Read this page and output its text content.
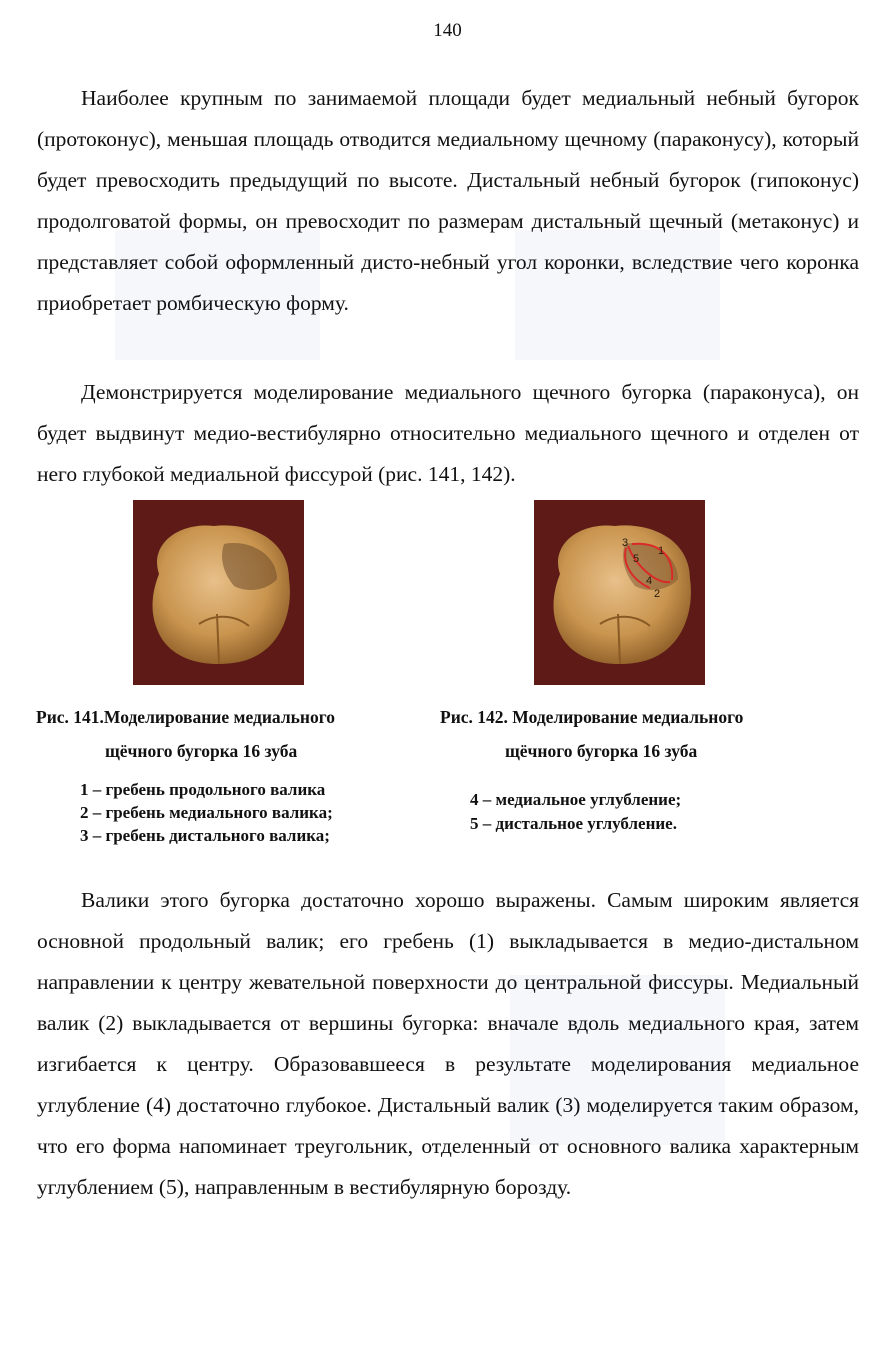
140

Наиболее крупным по занимаемой площади будет медиальный небный бугорок (протоконус), меньшая площадь отводится медиальному щечному (параконусу), который будет превосходить предыдущий по высоте. Дистальный небный бугорок (гипоконус) продолговатой формы, он превосходит по размерам дистальный щечный (метаконус) и представляет собой оформленный дисто-небный угол коронки, вследствие чего коронка приобретает ромбическую форму.

Демонстрируется моделирование медиального щечного бугорка (параконуса), он будет выдвинут медио-вестибулярно относительно медиального щечного и отделен от него глубокой медиальной фиссурой (рис. 141, 142).

1
2
3
4
5
Рис. 141.Моделирование медиального
щёчного бугорка 16 зуба
Рис. 142. Моделирование медиального
щёчного бугорка 16 зуба
1 – гребень продольного валика
2 – гребень медиального валика;
3 – гребень дистального валика;
4 – медиальное углубление;
5 – дистальное углубление.

Валики этого бугорка достаточно хорошо выражены. Самым широким является основной продольный валик; его гребень (1) выкладывается в медио-дистальном направлении к центру жевательной поверхности до центральной фиссуры. Медиальный валик (2) выкладывается от вершины бугорка: вначале вдоль медиального края, затем изгибается к центру. Образовавшееся в результате моделирования медиальное углубление (4) достаточно глубокое. Дистальный валик (3) моделируется таким образом, что его форма напоминает треугольник, отделенный от основного валика характерным углублением (5), направленным в вестибулярную борозду.
